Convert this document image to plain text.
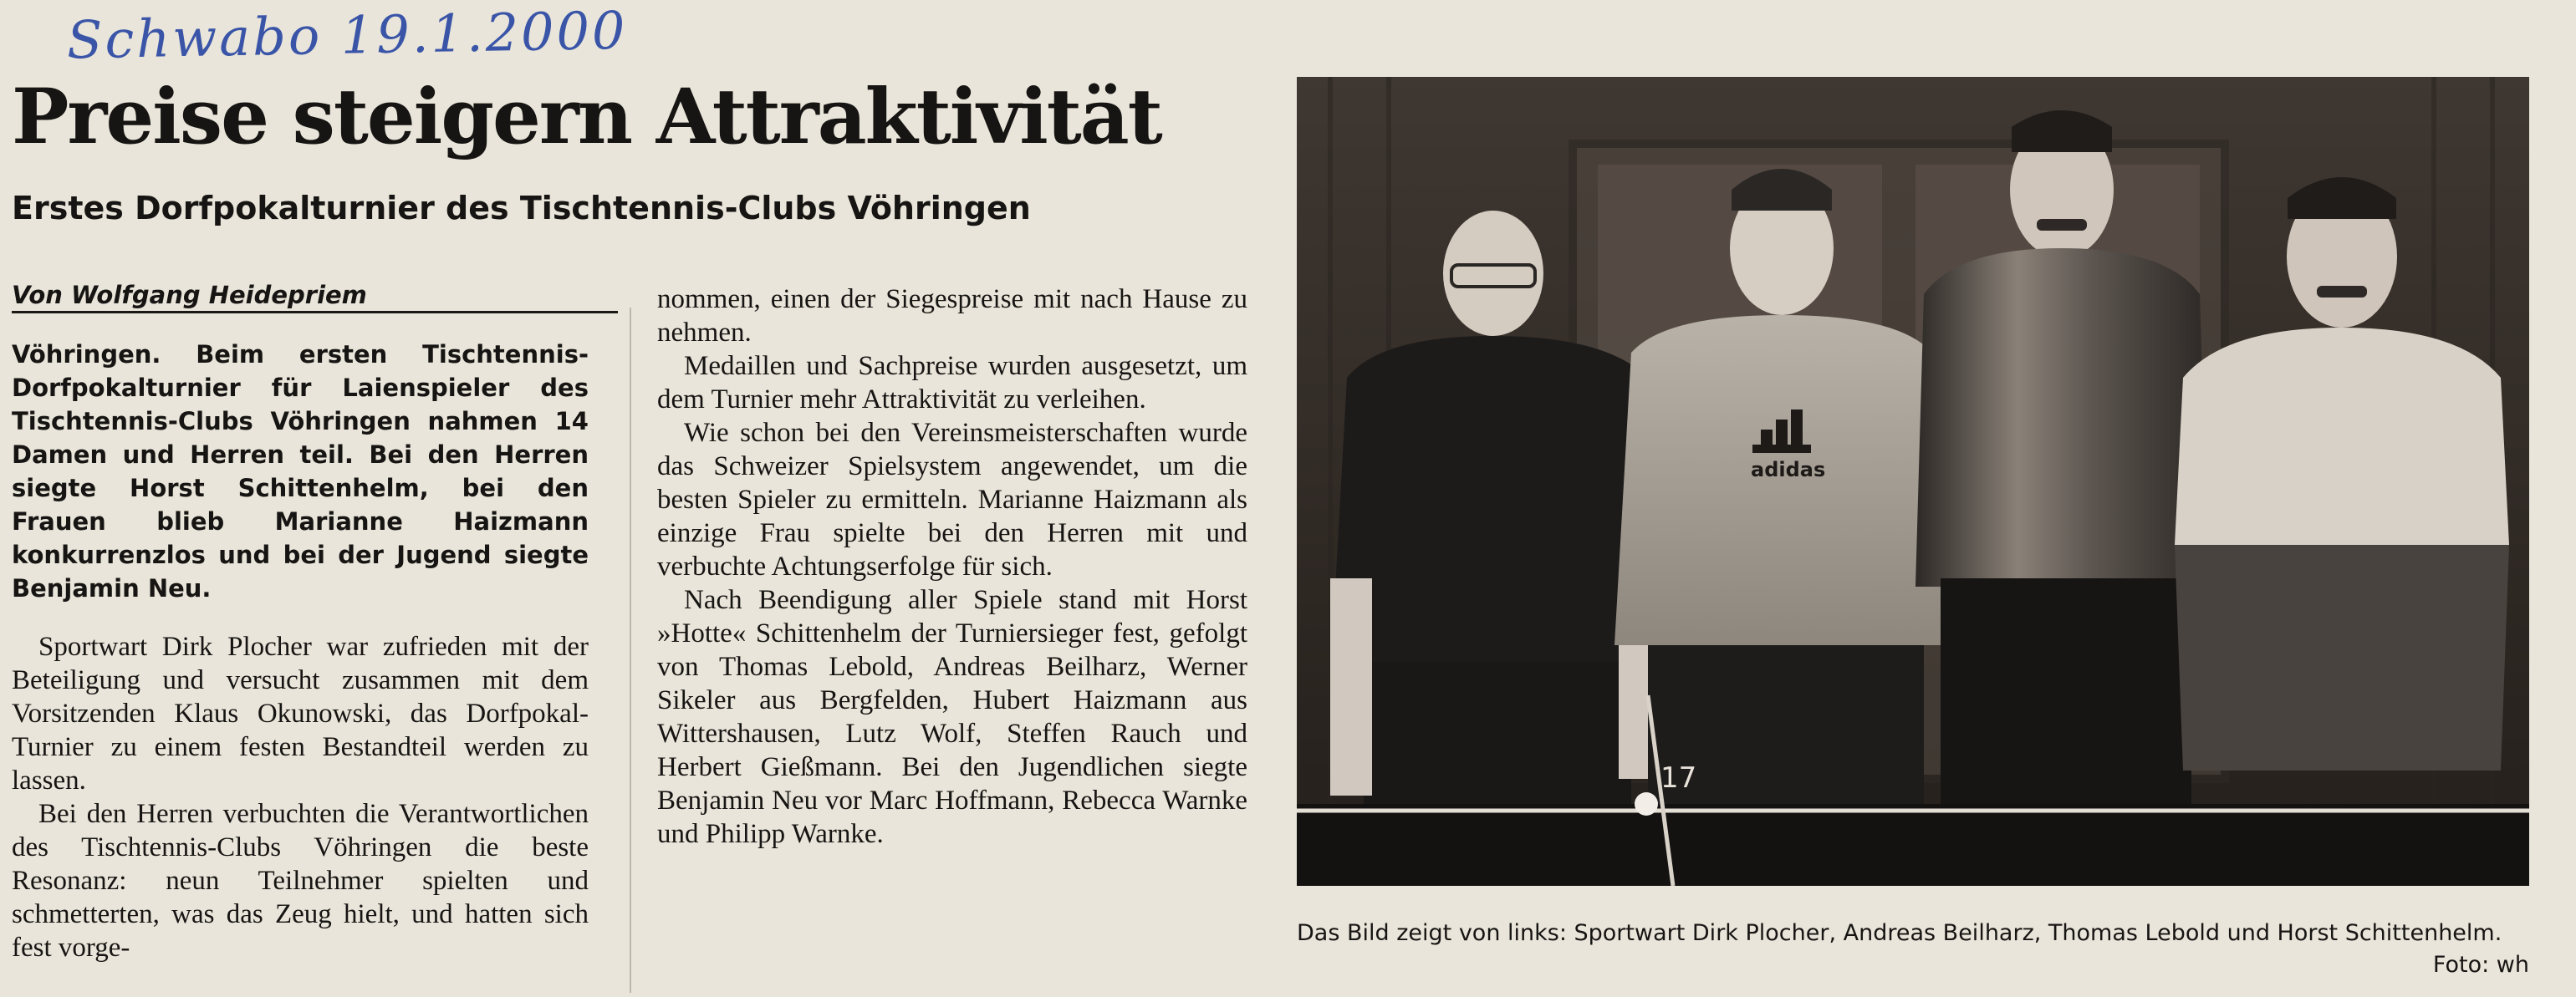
Schwabo 19.1.2000
Preise steigern Attraktivität
Erstes Dorfpokalturnier des Tischtennis-Clubs Vöhringen
Von Wolfgang Heidepriem

Vöhringen. Beim ersten Tischtennis-Dorfpokalturnier für Laienspieler des Tischtennis-Clubs Vöhringen nahmen 14 Damen und Herren teil. Bei den Herren siegte Horst Schittenhelm, bei den Frauen blieb Marianne Haizmann konkurrenzlos und bei der Jugend siegte Benjamin Neu.

Sportwart Dirk Plocher war zufrieden mit der Beteiligung und versucht zusammen mit dem Vorsitzenden Klaus Okunowski, das Dorfpokal-Turnier zu einem festen Bestandteil werden zu lassen.

Bei den Herren verbuchten die Verantwortlichen des Tischtennis-Clubs Vöhringen die beste Resonanz: neun Teilnehmer spielten und schmetterten, was das Zeug hielt, und hatten sich fest vorge-

nommen, einen der Siegespreise mit nach Hause zu nehmen.

Medaillen und Sachpreise wurden ausgesetzt, um dem Turnier mehr Attraktivität zu verleihen.

Wie schon bei den Vereinsmeisterschaften wurde das Schweizer Spielsystem angewendet, um die besten Spieler zu ermitteln. Marianne Haizmann als einzige Frau spielte bei den Herren mit und verbuchte Achtungserfolge für sich.

Nach Beendigung aller Spiele stand mit Horst »Hotte« Schittenhelm der Turniersieger fest, gefolgt von Thomas Lebold, Andreas Beilharz, Werner Sikeler aus Bergfelden, Hubert Haizmann aus Wittershausen, Lutz Wolf, Steffen Rauch und Herbert Gießmann. Bei den Jugendlichen siegte Benjamin Neu vor Marc Hoffmann, Rebecca Warnke und Philipp Warnke.

17
adidas
Das Bild zeigt von links: Sportwart Dirk Plocher, Andreas Beilharz, Thomas Lebold und Horst Schittenhelm.
Foto: wh
